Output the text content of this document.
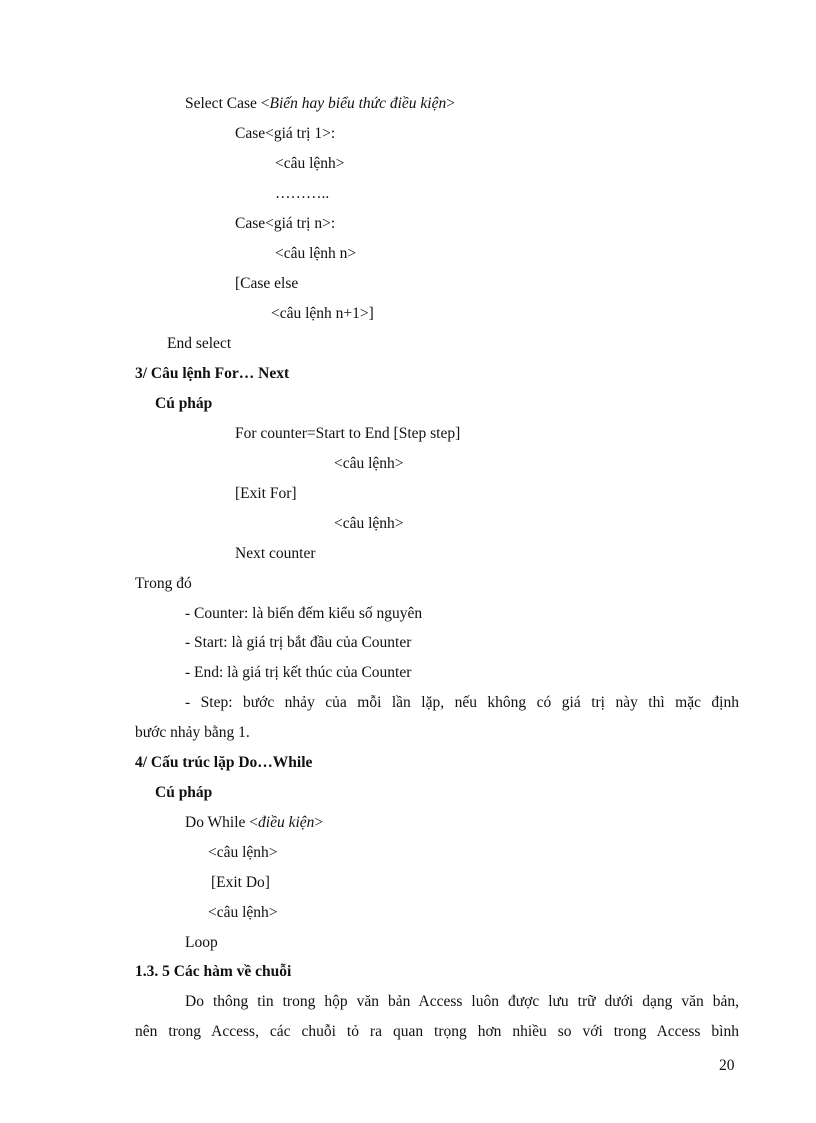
Select Case <Biến hay biểu thức điều kiện>
Case<giá trị 1>:
<câu lệnh>
………..
Case<giá trị n>:
<câu lệnh n>
[Case else
<câu lệnh n+1>]
End select
3/ Câu lệnh For… Next
Cú pháp
For counter=Start to End [Step step]
<câu lệnh>
[Exit For]
<câu lệnh>
Next counter
Trong đó
- Counter: là biến đếm kiểu số nguyên
- Start: là giá trị bắt đầu của Counter
- End: là giá trị kết thúc của Counter
- Step: bước nhảy của mỗi lần lặp, nếu không có giá trị này thì mặc định
bước nhảy bằng 1.
4/ Cấu trúc lặp Do…While
Cú pháp
Do While <điều kiện>
<câu lệnh>
[Exit Do]
<câu lệnh>
Loop
1.3. 5 Các hàm về chuỗi
Do thông tin trong hộp văn bản Access luôn được lưu trữ dưới dạng văn bản,
nên trong Access, các chuỗi tỏ ra quan trọng hơn nhiều so với trong Access bình
20
